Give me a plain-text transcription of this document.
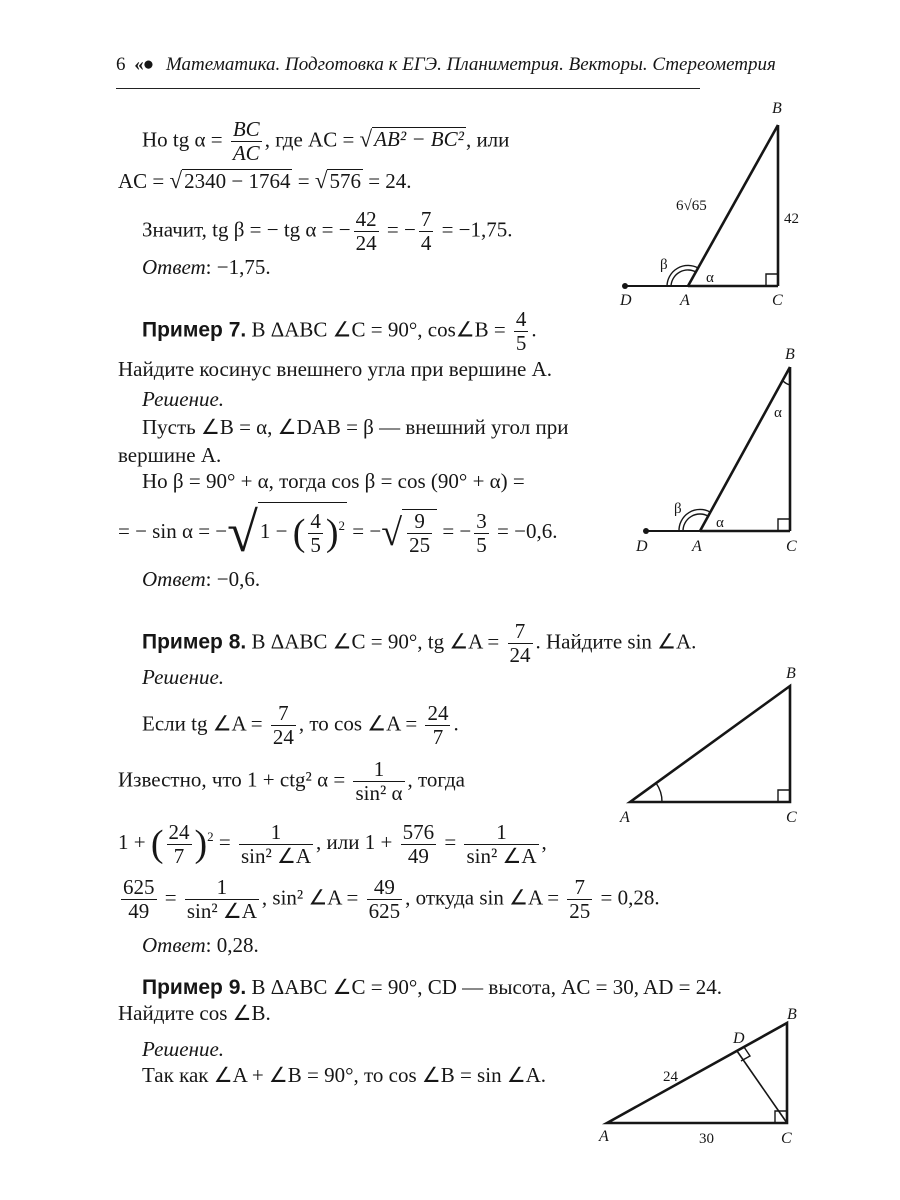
6 «● Математика. Подготовка к ЕГЭ. Планиметрия. Векторы. Стереометрия
Но tg $\alpha = \frac{BC}{AC}$ , где AC = √AB² − BC², или
AC = √2340 − 1764 = √576 = 24.
Значит, tg β = − tg α = − $\frac{42}{24}$ = − $\frac{7}{4} = -1,75$.
Ответ: −1,75.
Пример 7. В ΔABC ∠C = 90°, cos∠B = $\frac{4}{5}$ .
Найдите косинус внешнего угла при вершине A.
Решение.
Пусть ∠B = α, ∠DAB = β — внешний угол при
вершине A.
Но β = 90° + α, тогда cos β = cos (90° + α) =
= − sin α = −√1 − ( $\frac{4}{5} )^2$ = −√ $\frac{9}{25}$ = − $\frac{3}{5} = -0,6$.
Ответ: −0,6.
Пример 8. В ΔABC ∠C = 90°, tg ∠A = $\frac{7}{24}$ . Найдите sin ∠A.
Решение.
Если tg ∠A = $\frac{7}{24}$ , то cos ∠A = $\frac{24}{7}$ .
Известно, что 1 + ctg² $\alpha = \frac{1}{\text{sin² α}}$ , тогда
1 + ( $\frac{24}{7} )^2 = \frac{1}{\text{sin² ∠A}}$ , или $1 + \frac{576}{49} = \frac{1}{\text{sin² ∠A}}$ ,
$\frac{625}{49} = \frac{1}{\text{sin² ∠A}}$ , sin² ∠A = $\frac{49}{625}$ , откуда sin ∠A = $\frac{7}{25} = 0,28$.
Ответ: 0,28.
Пример 9. В ΔABC ∠C = 90°, CD — высота, AC = 30, AD = 24.
Найдите cos ∠B.
Решение.
Так как ∠A + ∠B = 90°, то cos ∠B = sin ∠A.
B
C
A
D
6√65
42
α
β
B
C
A
D
α
α
β
B
C
A
B
C
A
D
24
30
